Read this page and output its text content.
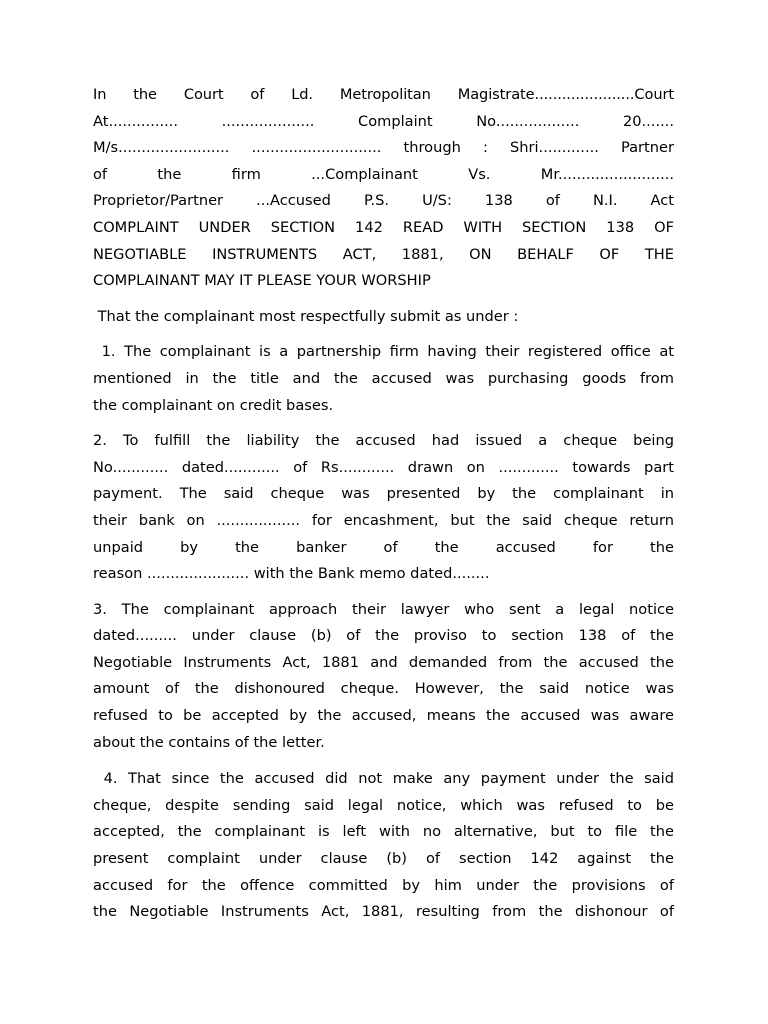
In the Court of Ld. Metropolitan Magistrate......................Court
At............... .................... Complaint No.................. 20.......
M/s........................ ............................ through : Shri............. Partner
of the firm ...Complainant Vs. Mr.........................
Proprietor/Partner ...Accused P.S. U/S: 138 of N.I. Act
COMPLAINT UNDER SECTION 142 READ WITH SECTION 138 OF
NEGOTIABLE INSTRUMENTS ACT, 1881, ON BEHALF OF THE
COMPLAINANT MAY IT PLEASE YOUR WORSHIP
That the complainant most respectfully submit as under :
1. The complainant is a partnership firm having their registered office at
mentioned in the title and the accused was purchasing goods from
the complainant on credit bases.
2. To fulfill the liability the accused had issued a cheque being
No............ dated............ of Rs............ drawn on ............. towards part
payment. The said cheque was presented by the complainant in
their bank on .................. for encashment, but the said cheque return
unpaid by the banker of the accused for the
reason ...................... with the Bank memo dated........
3. The complainant approach their lawyer who sent a legal notice
dated......... under clause (b) of the proviso to section 138 of the
Negotiable Instruments Act, 1881 and demanded from the accused the
amount of the dishonoured cheque. However, the said notice was
refused to be accepted by the accused, means the accused was aware
about the contains of the letter.
4. That since the accused did not make any payment under the said
cheque, despite sending said legal notice, which was refused to be
accepted, the complainant is left with no alternative, but to file the
present complaint under clause (b) of section 142 against the
accused for the offence committed by him under the provisions of
the Negotiable Instruments Act, 1881, resulting from the dishonour of
